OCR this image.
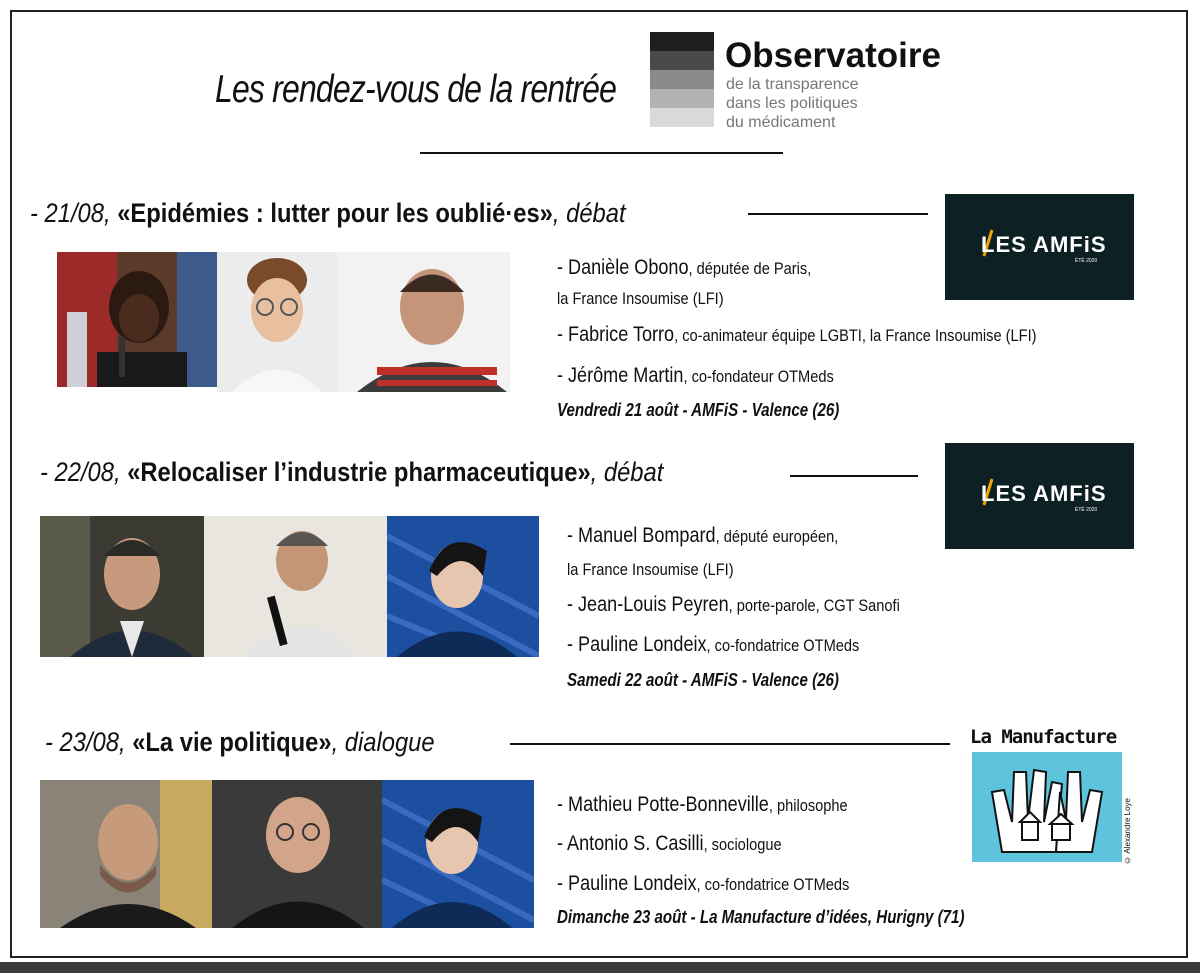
Les rendez-vous de la rentrée
Observatoire
de la transparence
dans les politiques
du médicament
- 21/08, «Epidémies : lutter pour les oublié·es», débat
LES AMFiS
ÉTÉ 2020
- Danièle Obono, députée de Paris,
la France Insoumise (LFI)
- Fabrice Torro, co-animateur équipe LGBTI, la France Insoumise (LFI)
- Jérôme Martin, co-fondateur OTMeds
Vendredi 21 août - AMFiS - Valence (26)
- 22/08, «Relocaliser l’industrie pharmaceutique», débat
LES AMFiS
ÉTÉ 2020
- Manuel Bompard, député européen,
la France Insoumise (LFI)
- Jean-Louis Peyren, porte-parole, CGT Sanofi
- Pauline Londeix, co-fondatrice OTMeds
Samedi 22 août - AMFiS - Valence (26)
- 23/08, «La vie politique», dialogue	La Manufacture
© Alexandre Loye
- Mathieu Potte-Bonneville, philosophe
- Antonio S. Casilli, sociologue
- Pauline Londeix, co-fondatrice OTMeds
Dimanche 23 août - La Manufacture d’idées, Hurigny (71)
